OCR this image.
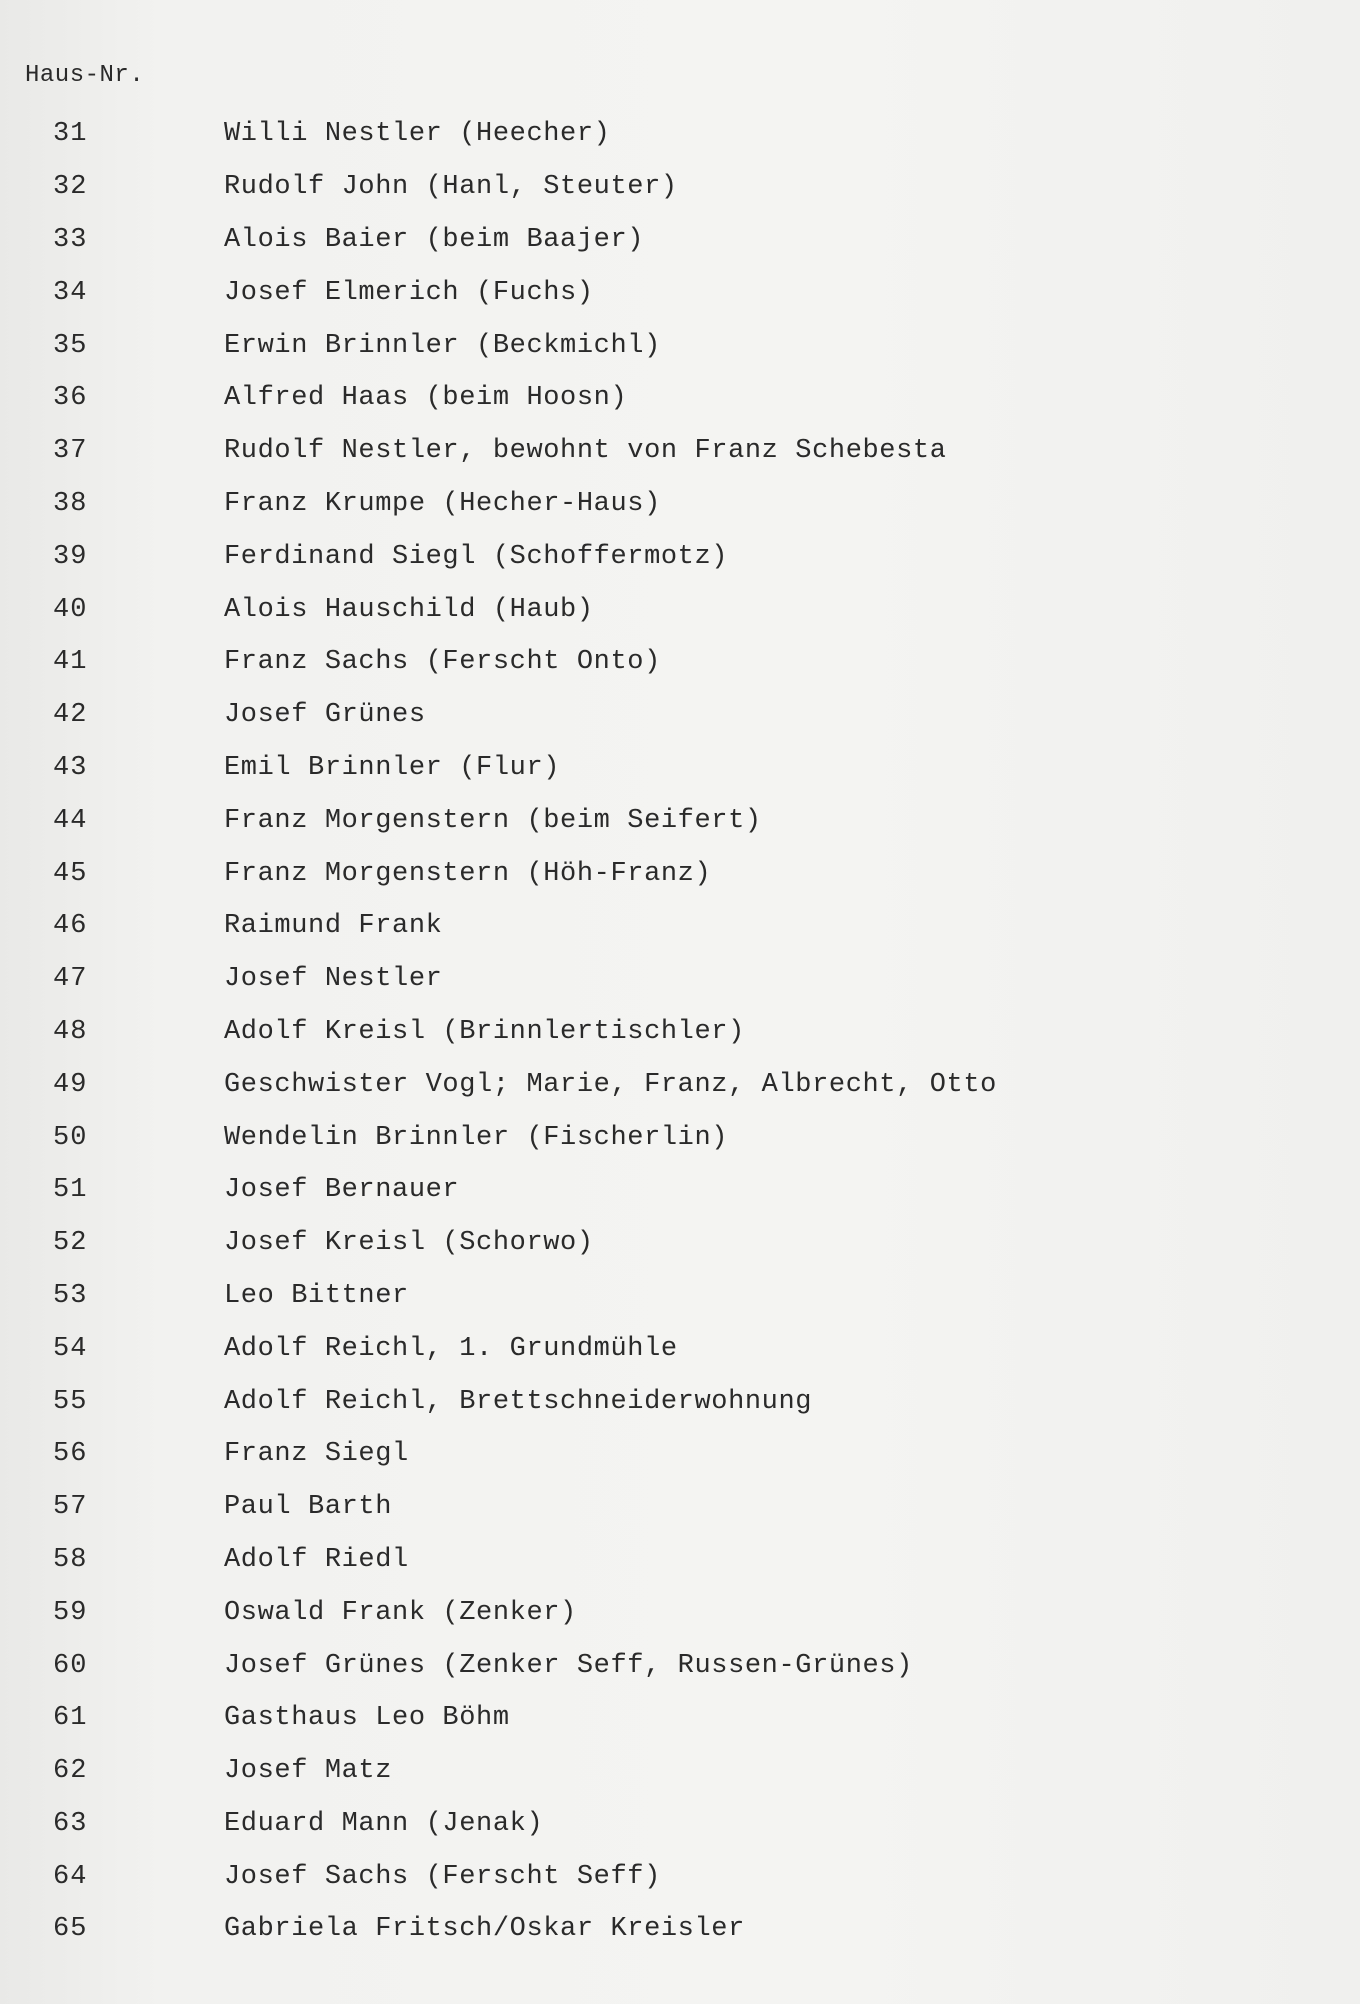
Haus-Nr.
31	Willi Nestler (Heecher)
32	Rudolf John (Hanl, Steuter)
33	Alois Baier (beim Baajer)
34	Josef Elmerich (Fuchs)
35	Erwin Brinnler (Beckmichl)
36	Alfred Haas (beim Hoosn)
37	Rudolf Nestler, bewohnt von Franz Schebesta
38	Franz Krumpe (Hecher-Haus)
39	Ferdinand Siegl (Schoffermotz)
40	Alois Hauschild (Haub)
41	Franz Sachs (Ferscht Onto)
42	Josef Grünes
43	Emil Brinnler (Flur)
44	Franz Morgenstern (beim Seifert)
45	Franz Morgenstern (Höh-Franz)
46	Raimund Frank
47	Josef Nestler
48	Adolf Kreisl (Brinnlertischler)
49	Geschwister Vogl; Marie, Franz, Albrecht, Otto
50	Wendelin Brinnler (Fischerlin)
51	Josef Bernauer
52	Josef Kreisl (Schorwo)
53	Leo Bittner
54	Adolf Reichl, 1. Grundmühle
55	Adolf Reichl, Brettschneiderwohnung
56	Franz Siegl
57	Paul Barth
58	Adolf Riedl
59	Oswald Frank (Zenker)
60	Josef Grünes (Zenker Seff, Russen-Grünes)
61	Gasthaus Leo Böhm
62	Josef Matz
63	Eduard Mann (Jenak)
64	Josef Sachs (Ferscht Seff)
65	Gabriela Fritsch/Oskar Kreisler
